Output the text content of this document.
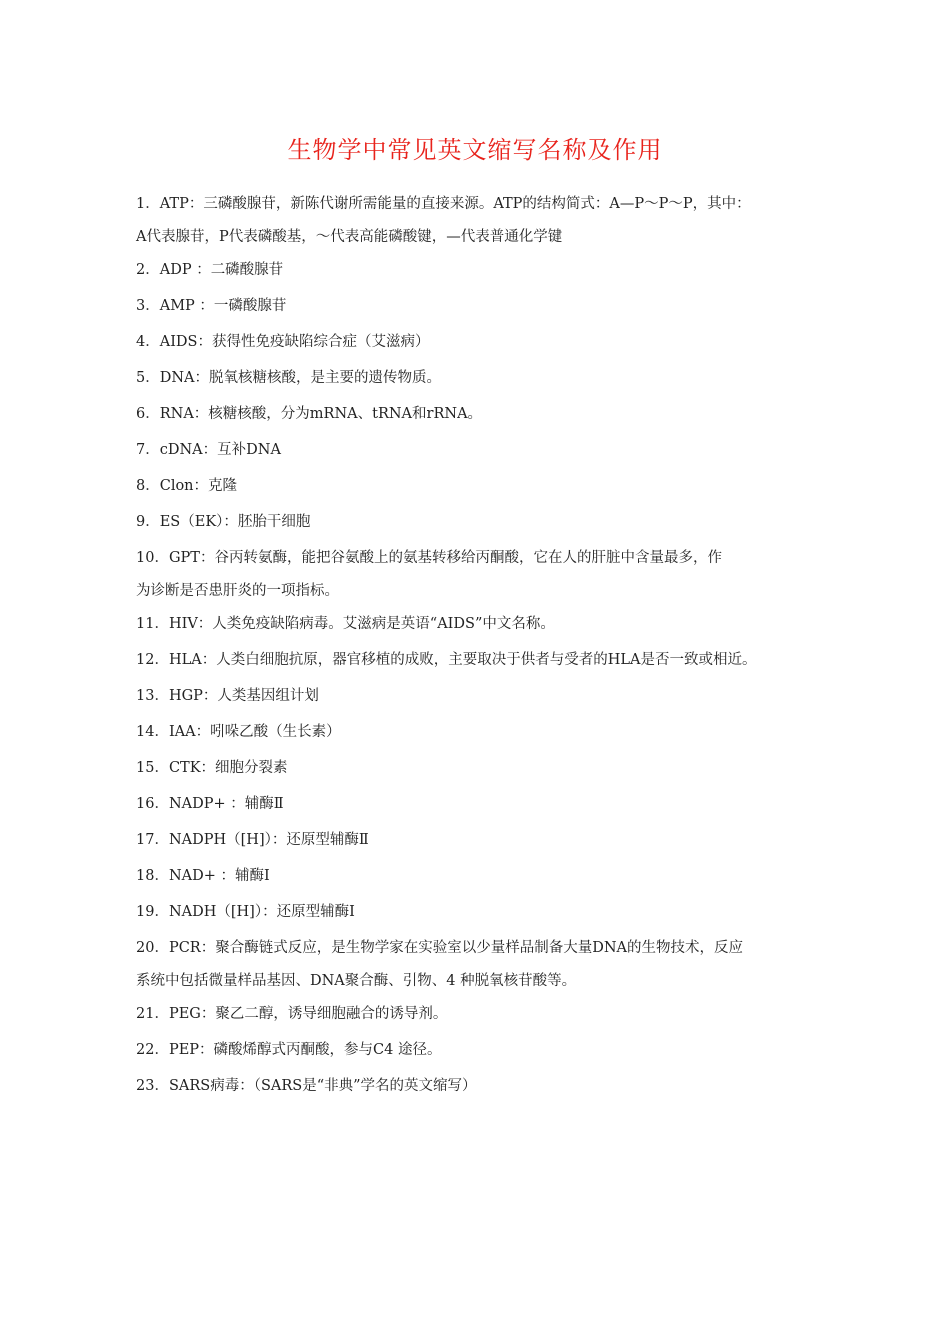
生物学中常见英文缩写名称及作用

1．ATP：三磷酸腺苷，新陈代谢所需能量的直接来源。ATP的结构简式：A—P～P～P，其中：

A代表腺苷，P代表磷酸基，～代表高能磷酸键，—代表普通化学键

2．ADP ：二磷酸腺苷

3．AMP ：一磷酸腺苷

4．AIDS：获得性免疫缺陷综合症（艾滋病）

5．DNA：脱氧核糖核酸，是主要的遗传物质。

6．RNA：核糖核酸，分为mRNA、tRNA和rRNA。

7．cDNA：互补DNA

8．Clon：克隆

9．ES（EK）：胚胎干细胞

10．GPT：谷丙转氨酶，能把谷氨酸上的氨基转移给丙酮酸，它在人的肝脏中含量最多，作

为诊断是否患肝炎的一项指标。

11．HIV：人类免疫缺陷病毒。艾滋病是英语“AIDS”中文名称。

12．HLA：人类白细胞抗原，器官移植的成败，主要取决于供者与受者的HLA是否一致或相近。

13．HGP：人类基因组计划

14．IAA：吲哚乙酸（生长素）

15．CTK：细胞分裂素

16．NADP+ ：辅酶Ⅱ

17．NADPH（[H]）：还原型辅酶Ⅱ

18．NAD+ ：辅酶Ⅰ

19．NADH（[H]）：还原型辅酶Ⅰ

20．PCR：聚合酶链式反应，是生物学家在实验室以少量样品制备大量DNA的生物技术，反应

系统中包括微量样品基因、DNA聚合酶、引物、4 种脱氧核苷酸等。

21．PEG：聚乙二醇，诱导细胞融合的诱导剂。

22．PEP：磷酸烯醇式丙酮酸，参与C4 途径。

23．SARS病毒：（SARS是“非典”学名的英文缩写）
